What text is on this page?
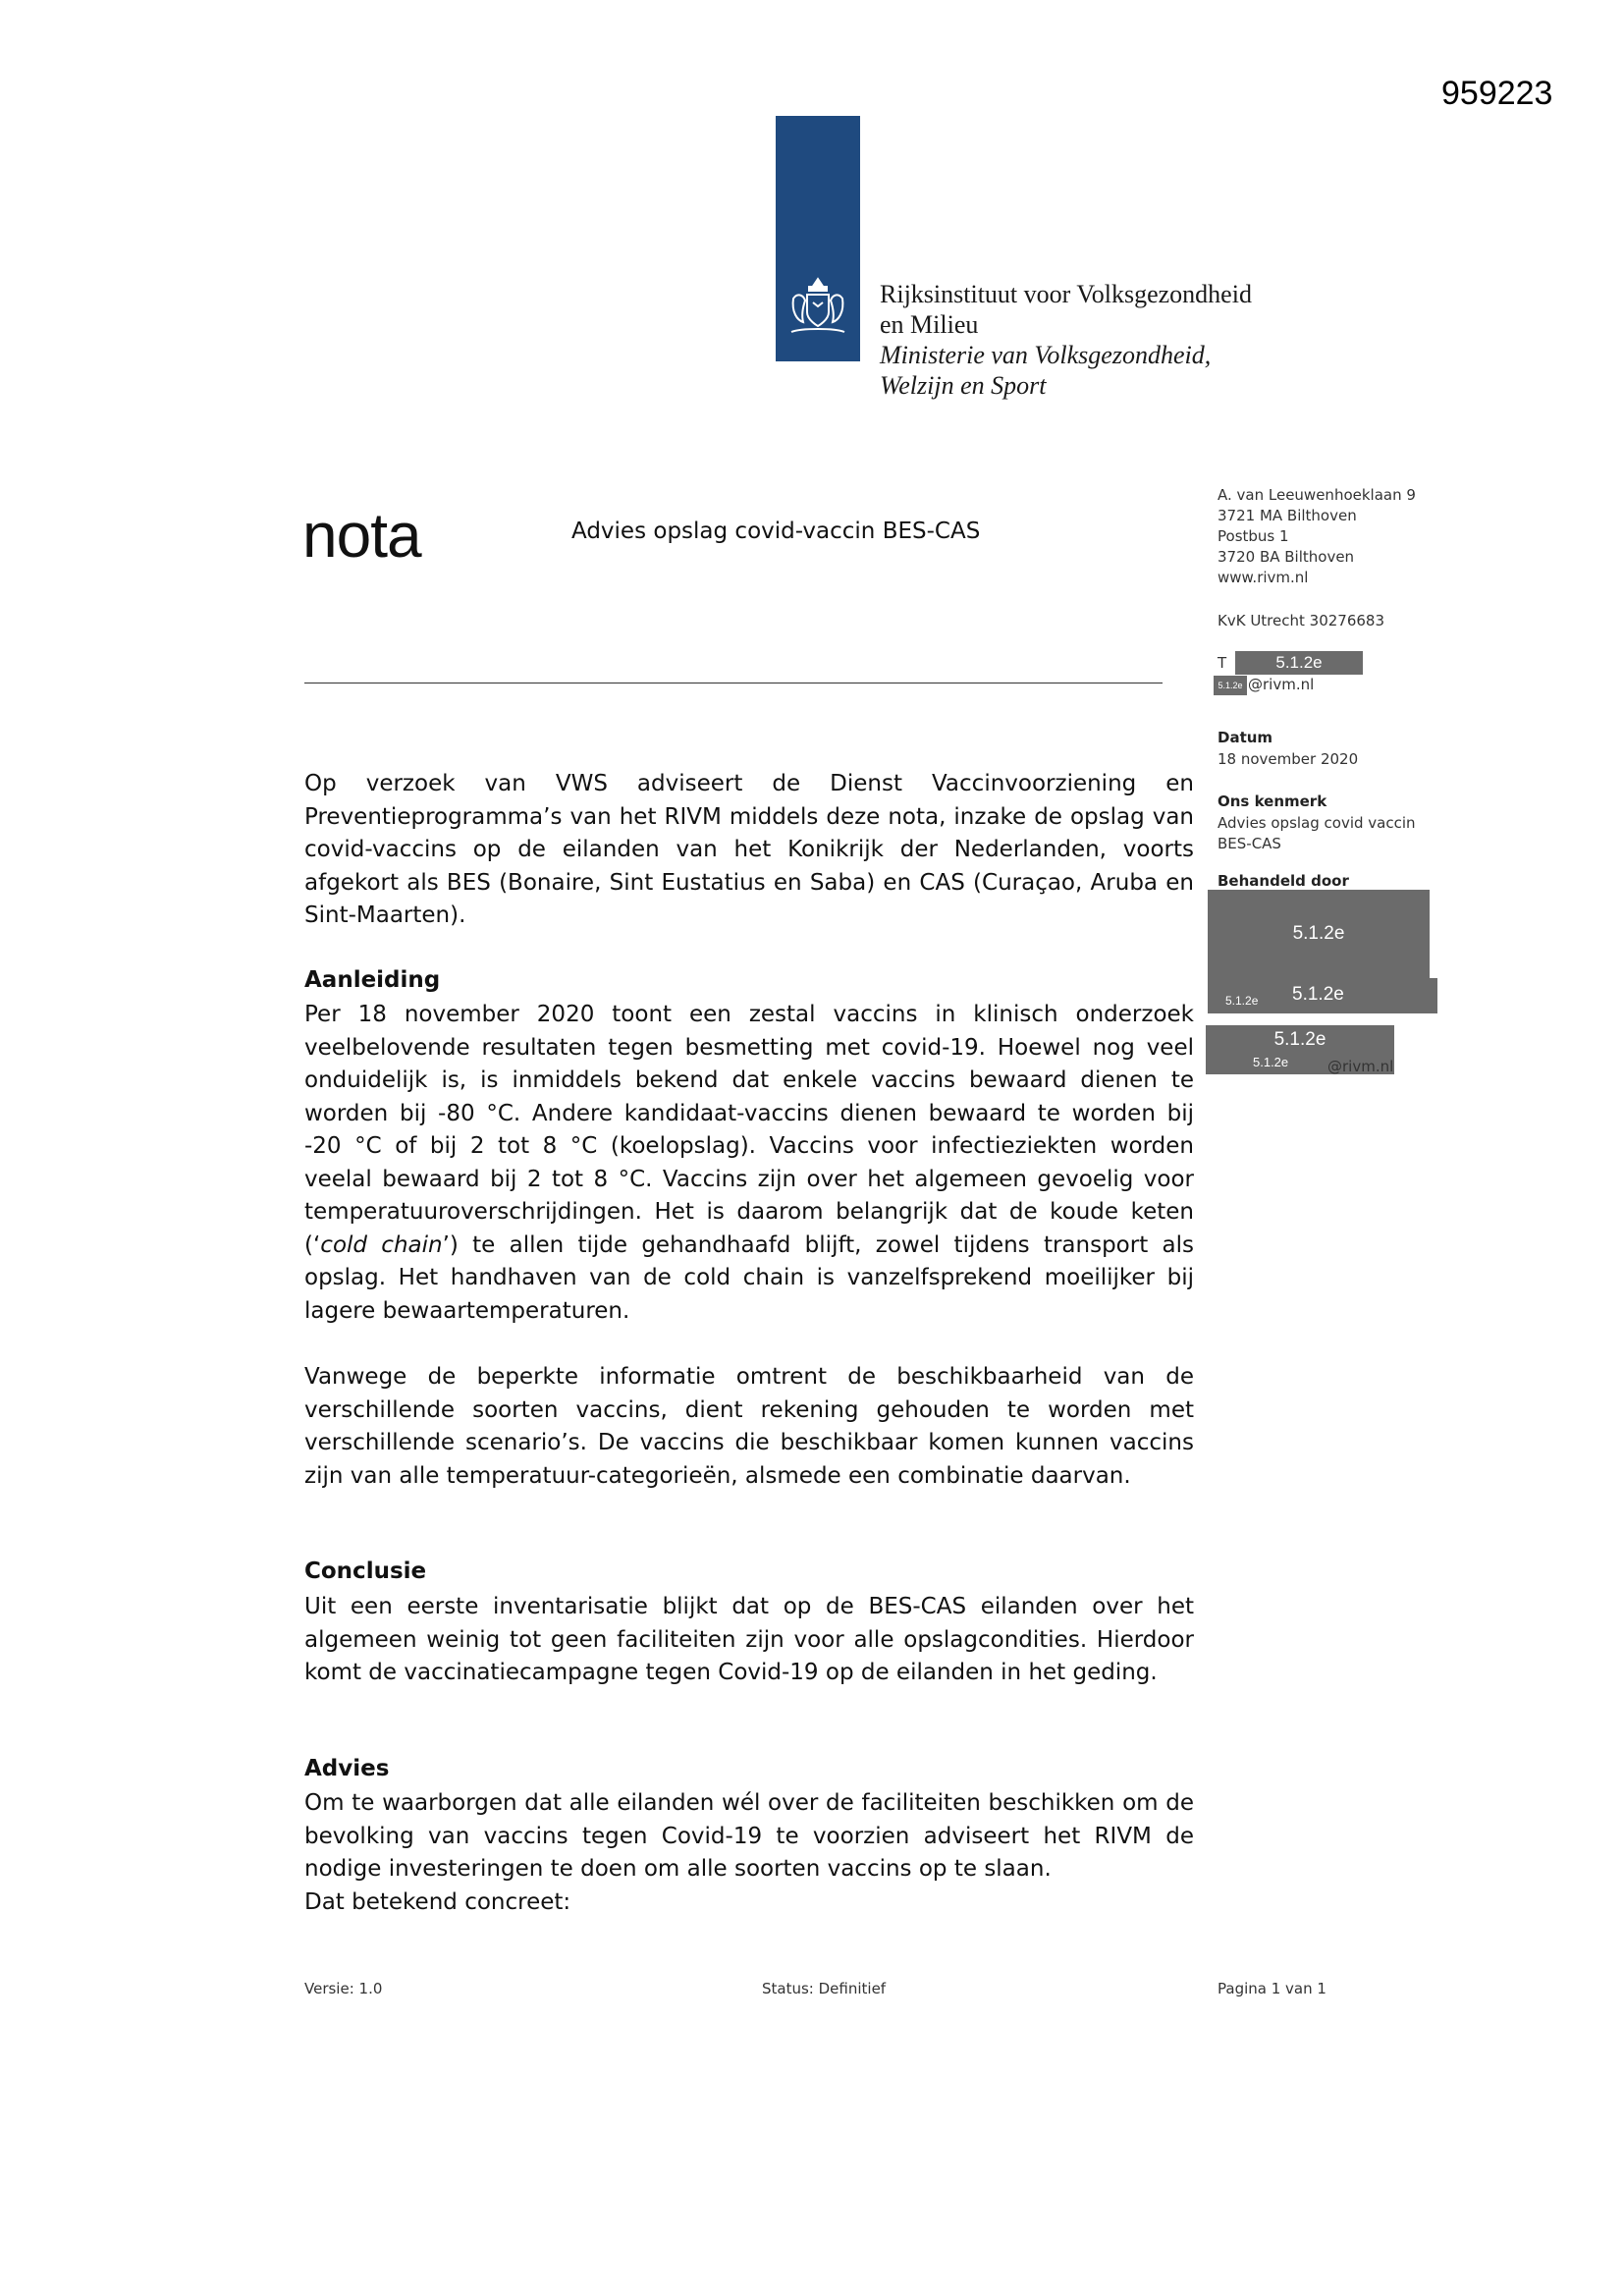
959223
Rijksinstituut voor Volksgezondheid
en Milieu
Ministerie van Volksgezondheid,
Welzijn en Sport
nota	Advies opslag covid-vaccin BES-CAS
A. van Leeuwenhoeklaan 9
3721 MA Bilthoven
Postbus 1
3720 BA Bilthoven
www.rivm.nl
KvK Utrecht 30276683
T	5.1.2e
5.1.2e @rivm.nl
Datum
18 november 2020
Ons kenmerk
Advies opslag covid vaccin BES-CAS
Behandeld door
5.1.2e
5.1.2e 5.1.2e
5.1.2e
5.1.2e	@rivm.nl
Op verzoek van VWS adviseert de Dienst Vaccinvoorziening en Preventieprogramma’s van het RIVM middels deze nota, inzake de opslag van covid-vaccins op de eilanden van het Konikrijk der Nederlanden, voorts afgekort als BES (Bonaire, Sint Eustatius en Saba) en CAS (Curaçao, Aruba en Sint-Maarten).
Aanleiding
Per 18 november 2020 toont een zestal vaccins in klinisch onderzoek veelbelovende resultaten tegen besmetting met covid-19. Hoewel nog veel onduidelijk is, is inmiddels bekend dat enkele vaccins bewaard dienen te worden bij -80 °C. Andere kandidaat-vaccins dienen bewaard te worden bij -20 °C of bij 2 tot 8 °C (koelopslag). Vaccins voor infectieziekten worden veelal bewaard bij 2 tot 8 °C. Vaccins zijn over het algemeen gevoelig voor temperatuuroverschrijdingen. Het is daarom belangrijk dat de koude keten (‘cold chain’) te allen tijde gehandhaafd blijft, zowel tijdens transport als opslag. Het handhaven van de cold chain is vanzelfsprekend moeilijker bij lagere bewaartemperaturen.
Vanwege de beperkte informatie omtrent de beschikbaarheid van de verschillende soorten vaccins, dient rekening gehouden te worden met verschillende scenario’s. De vaccins die beschikbaar komen kunnen vaccins zijn van alle temperatuur-categorieën, alsmede een combinatie daarvan.
Conclusie
Uit een eerste inventarisatie blijkt dat op de BES-CAS eilanden over het algemeen weinig tot geen faciliteiten zijn voor alle opslagcondities. Hierdoor komt de vaccinatiecampagne tegen Covid-19 op de eilanden in het geding.
Advies
Om te waarborgen dat alle eilanden wél over de faciliteiten beschikken om de bevolking van vaccins tegen Covid-19 te voorzien adviseert het RIVM de nodige investeringen te doen om alle soorten vaccins op te slaan.
Dat betekend concreet:
Versie: 1.0	Status: Definitief	Pagina 1 van 1
